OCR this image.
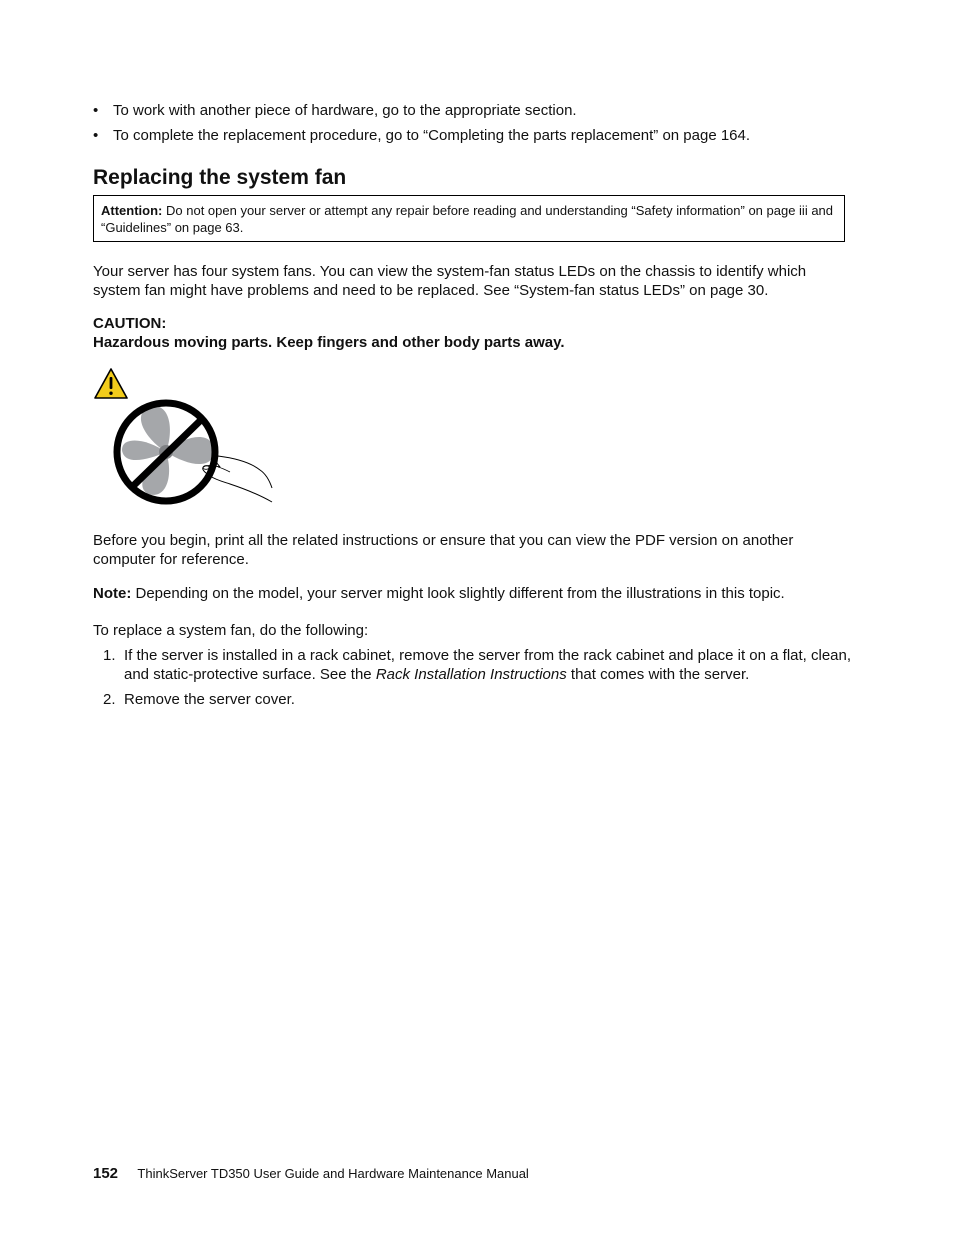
• To work with another piece of hardware, go to the appropriate section.
• To complete the replacement procedure, go to “Completing the parts replacement” on page 164.
Replacing the system fan
Attention: Do not open your server or attempt any repair before reading and understanding “Safety information” on page iii and “Guidelines” on page 63.

Your server has four system fans. You can view the system-fan status LEDs on the chassis to identify which system fan might have problems and need to be replaced. See “System-fan status LEDs” on page 30.

CAUTION:
Hazardous moving parts. Keep fingers and other body parts away.

Before you begin, print all the related instructions or ensure that you can view the PDF version on another computer for reference.

Note: Depending on the model, your server might look slightly different from the illustrations in this topic.

To replace a system fan, do the following:

1. If the server is installed in a rack cabinet, remove the server from the rack cabinet and place it on a flat, clean, and static-protective surface. See the Rack Installation Instructions that comes with the server.
2. Remove the server cover.
152 ThinkServer TD350 User Guide and Hardware Maintenance Manual
